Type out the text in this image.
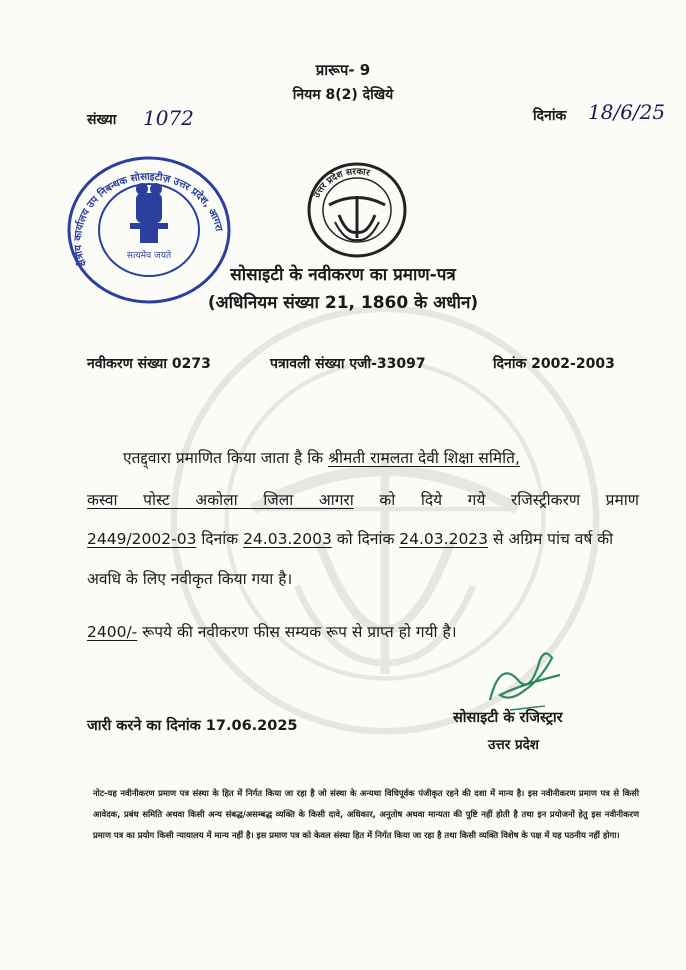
प्रारूप- 9
नियम 8(2) देखिये
संख्या 1072	दिनांक 18/6/25
सत्यमेव जयते
क्षेत्रीय कार्यालय उप निबन्धक सोसाइटीज़ उत्तर प्रदेश, आगरा
उत्तर प्रदेश सरकार
सोसाइटी के नवीकरण का प्रमाण-पत्र
(अधिनियम संख्या 21, 1860 के अधीन)
नवीकरण संख्या 0273	पत्रावली संख्या एजी-33097	दिनांक 2002-2003
एतद्द्वारा प्रमाणित किया जाता है कि श्रीमती रामलता देवी शिक्षा समिति,
कस्वा पोस्ट अकोला जिला आगरा को दिये गये रजिस्ट्रीकरण प्रमाण
2449/2002-03 दिनांक 24.03.2003 को दिनांक 24.03.2023 से अग्रिम पांच वर्ष की
अवधि के लिए नवीकृत किया गया है।
2400/- रूपये की नवीकरण फीस सम्यक रूप से प्राप्त हो गयी है।
जारी करने का दिनांक 17.06.2025	सोसाइटी के रजिस्ट्रार
उत्तर प्रदेश
नोट-यह नवीनीकरण प्रमाण पत्र संस्था के हित में निर्गत किया जा रहा है जो संस्था के अन्यथा विधिपूर्वक पंजीकृत रहने की दशा में मान्य है। इस नवीनीकरण प्रमाण पत्र से किसी आवेदक, प्रबंध समिति अथवा किसी अन्य संबद्ध/असम्बद्ध व्यक्ति के किसी दावे, अधिकार, अनुतोष अथवा मान्यता की पुष्टि नहीं होती है तथा इन प्रयोजनों हेतु इस नवीनीकरण प्रमाण पत्र का प्रयोग किसी न्यायालय में मान्य नहीं है। इस प्रमाण पत्र को केवल संस्था हित में निर्गत किया जा रहा है तथा किसी व्यक्ति विशेष के पक्ष में यह पठनीय नहीं होगा।
